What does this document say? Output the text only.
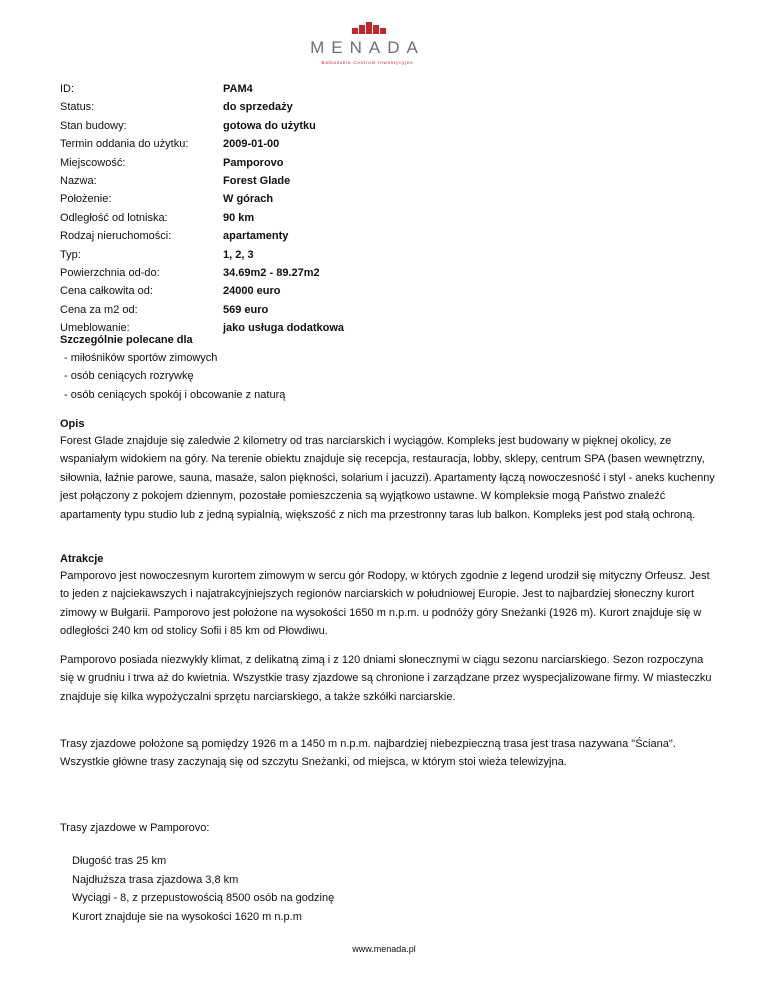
MENADA
Bałkańskie Centrum Inwestycyjne
ID:	PAM4
Status:	do sprzedaży
Stan budowy:	gotowa do użytku
Termin oddania do użytku:	2009-01-00
Miejscowość:	Pamporovo
Nazwa:	Forest Glade
Położenie:	W górach
Odległość od lotniska:	90 km
Rodzaj nieruchomości:	apartamenty
Typ:	1, 2, 3
Powierzchnia od-do:	34.69m2 - 89.27m2
Cena całkowita od:	24000 euro
Cena za m2 od:	569 euro
Umeblowanie:	jako usługa dodatkowa
Szczególnie polecane dla
- miłośników sportów zimowych
- osób ceniących rozrywkę
- osób ceniących spokój i obcowanie z naturą
Opis

Forest Glade znajduje się zaledwie 2 kilometry od tras narciarskich i wyciągów. Kompleks jest budowany w pięknej okolicy, ze wspaniałym widokiem na góry. Na terenie obiektu znajduje się recepcja, restauracja, lobby, sklepy, centrum SPA (basen wewnętrzny, siłownia, łaźnie parowe, sauna, masaże, salon piękności, solarium i jacuzzi). Apartamenty łączą nowoczesność i styl - aneks kuchenny jest połączony z pokojem dziennym, pozostałe pomieszczenia są wyjątkowo ustawne. W kompleksie mogą Państwo znaleźć apartamenty typu studio lub z jedną sypialnią, większość z nich ma przestronny taras lub balkon. Kompleks jest pod stałą ochroną.

Atrakcje

Pamporovo jest nowoczesnym kurortem zimowym w sercu gór Rodopy, w których zgodnie z legend urodził się mityczny Orfeusz. Jest to jeden z najciekawszych i najatrakcyjniejszych regionów narciarskich w południowej Europie. Jest to najbardziej słoneczny kurort zimowy w Bułgarii. Pamporovo jest położone na wysokości 1650 m n.p.m. u podnóży góry Sneżanki (1926 m). Kurort znajduje się w odległości 240 km od stolicy Sofii i 85 km od Płowdiwu.

Pamporovo posiada niezwykły klimat, z delikatną zimą i z 120 dniami słonecznymi w ciągu sezonu narciarskiego. Sezon rozpoczyna się w grudniu i trwa aż do kwietnia. Wszystkie trasy zjazdowe są chronione i zarządzane przez wyspecjalizowane firmy. W miasteczku znajduje się kilka wypożyczalni sprzętu narciarskiego, a także szkółki narciarskie.

Trasy zjazdowe położone są pomiędzy 1926 m a 1450 m n.p.m. najbardziej niebezpieczną trasa jest trasa nazywana "Ściana". Wszystkie główne trasy zaczynają się od szczytu Sneżanki, od miejsca, w którym stoi wieża telewizyjna.

Trasy zjazdowe w Pamporovo:
Długość tras 25 km
Najdłuższa trasa zjazdowa 3,8 km
Wyciągi - 8, z przepustowością 8500 osób na godzinę
Kurort znajduje sie na wysokości 1620 m n.p.m
www.menada.pl
